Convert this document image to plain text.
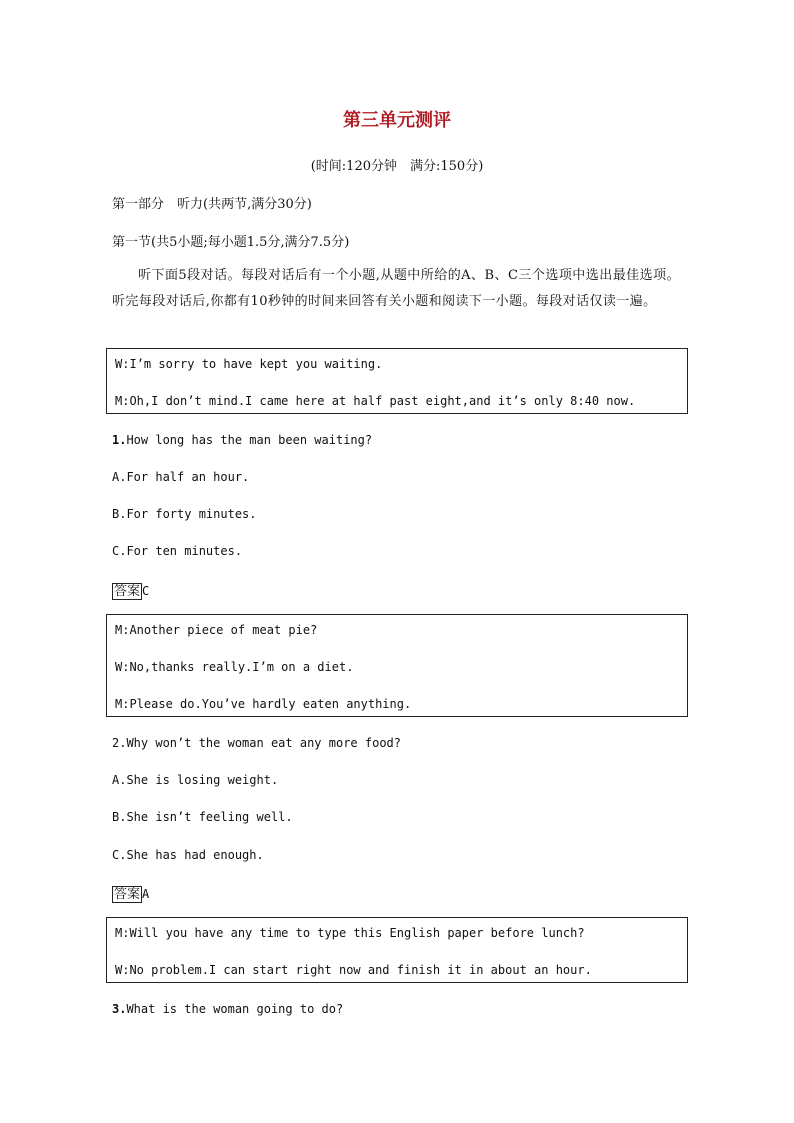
第三单元测评
(时间:120分钟　满分:150分)
第一部分　听力(共两节,满分30分)
第一节(共5小题;每小题1.5分,满分7.5分)
听下面5段对话。每段对话后有一个小题,从题中所给的A、B、C三个选项中选出最佳选项。听完每段对话后,你都有10秒钟的时间来回答有关小题和阅读下一小题。每段对话仅读一遍。
W:I’m sorry to have kept you waiting.
M:Oh,I don’t mind.I came here at half past eight,and it’s only 8:40 now.
1.How long has the man been waiting?
A.For half an hour.
B.For forty minutes.
C.For ten minutes.
答案 C
M:Another piece of meat pie?
W:No,thanks really.I’m on a diet.
M:Please do.You’ve hardly eaten anything.
2.Why won’t the woman eat any more food?
A.She is losing weight.
B.She isn’t feeling well.
C.She has had enough.
答案 A
M:Will you have any time to type this English paper before lunch?
W:No problem.I can start right now and finish it in about an hour.
3.What is the woman going to do?
